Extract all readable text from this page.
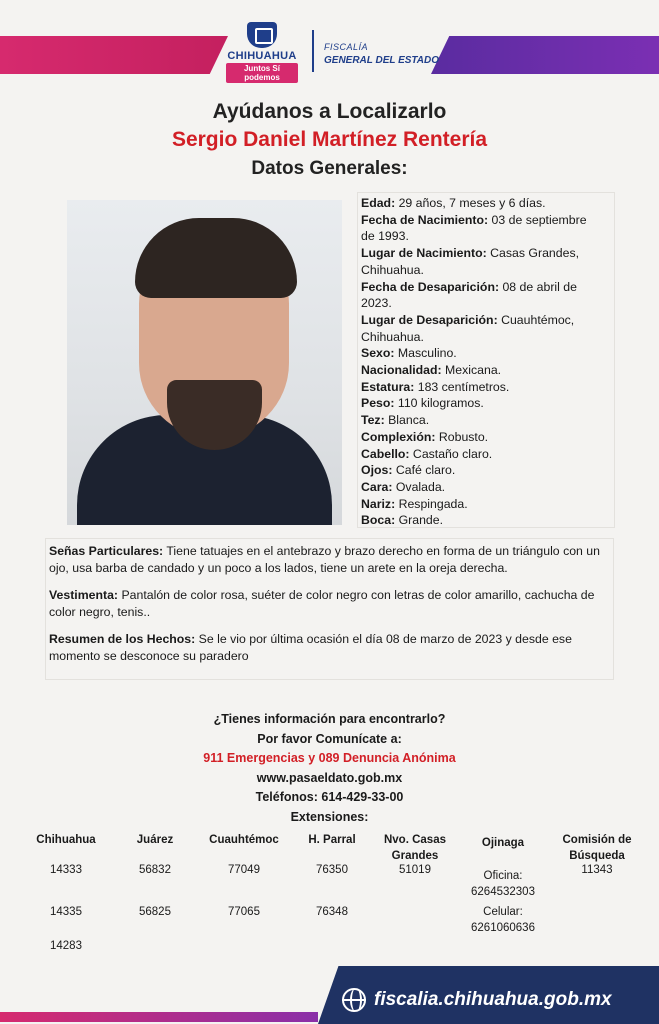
CHIHUAHUA
Juntos Sí podemos
FISCALÍA
GENERAL DEL ESTADO
Ayúdanos a Localizarlo
Sergio Daniel Martínez Rentería
Datos Generales:
Edad: 29 años, 7 meses y 6 días.
Fecha de Nacimiento: 03 de septiembre
de 1993.
Lugar de Nacimiento: Casas Grandes,
Chihuahua.
Fecha de Desaparición: 08 de abril de
2023.
Lugar de Desaparición: Cuauhtémoc,
Chihuahua.
Sexo: Masculino.
Nacionalidad: Mexicana.
Estatura: 183 centímetros.
Peso: 110 kilogramos.
Tez: Blanca.
Complexión: Robusto.
Cabello: Castaño claro.
Ojos: Café claro.
Cara: Ovalada.
Nariz: Respingada.
Boca: Grande.
Señas Particulares: Tiene tatuajes en el antebrazo y brazo derecho en forma de un triángulo con un ojo, usa barba de candado y un poco a los lados, tiene un arete en la oreja derecha.
Vestimenta: Pantalón de color rosa, suéter de color negro con letras de color amarillo, cachucha de color negro, tenis..
Resumen de los Hechos: Se le vio por última ocasión el día 08 de marzo de 2023 y desde ese momento se desconoce su paradero
¿Tienes información para encontrarlo?
Por favor Comunícate a:
911 Emergencias y 089 Denuncia Anónima
www.pasaeldato.gob.mx
Teléfonos: 614-429-33-00
Extensiones:
Chihuahua
14333
14335
14283
Juárez
56832
56825
Cuauhtémoc
77049
77065
H. Parral
76350
76348
Nvo. Casas Grandes
51019
Ojinaga
Oficina:
6264532303
Celular:
6261060636
Comisión de Búsqueda
11343
fiscalia.chihuahua.gob.mx
